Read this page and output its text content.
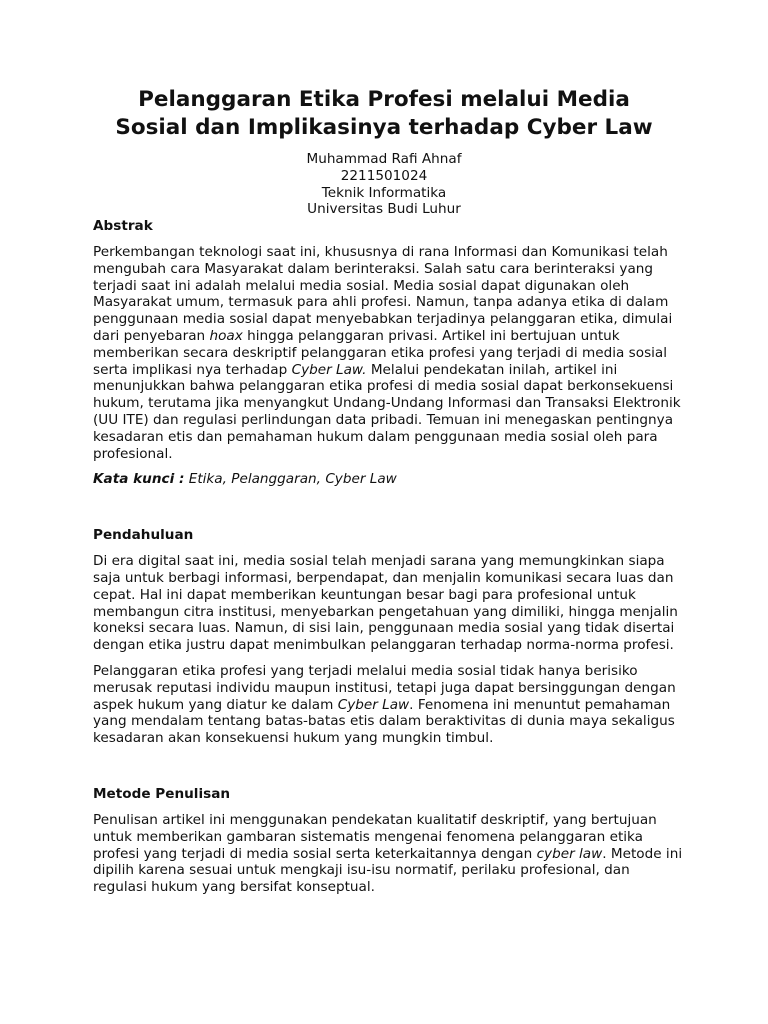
Pelanggaran Etika Profesi melalui Media
Sosial dan Implikasinya terhadap Cyber Law
Muhammad Rafi Ahnaf
2211501024
Teknik Informatika
Universitas Budi Luhur
Abstrak

Perkembangan teknologi saat ini, khususnya di rana Informasi dan Komunikasi telah mengubah cara Masyarakat dalam berinteraksi. Salah satu cara berinteraksi yang terjadi saat ini adalah melalui media sosial. Media sosial dapat digunakan oleh Masyarakat umum, termasuk para ahli profesi. Namun, tanpa adanya etika di dalam penggunaan media sosial dapat menyebabkan terjadinya pelanggaran etika, dimulai dari penyebaran hoax hingga pelanggaran privasi. Artikel ini bertujuan untuk memberikan secara deskriptif pelanggaran etika profesi yang terjadi di media sosial serta implikasi nya terhadap Cyber Law. Melalui pendekatan inilah, artikel ini menunjukkan bahwa pelanggaran etika profesi di media sosial dapat berkonsekuensi hukum, terutama jika menyangkut Undang-Undang Informasi dan Transaksi Elektronik (UU ITE) dan regulasi perlindungan data pribadi. Temuan ini menegaskan pentingnya kesadaran etis dan pemahaman hukum dalam penggunaan media sosial oleh para profesional.

Kata kunci : Etika, Pelanggaran, Cyber Law

Pendahuluan

Di era digital saat ini, media sosial telah menjadi sarana yang memungkinkan siapa saja untuk berbagi informasi, berpendapat, dan menjalin komunikasi secara luas dan cepat. Hal ini dapat memberikan keuntungan besar bagi para profesional untuk membangun citra institusi, menyebarkan pengetahuan yang dimiliki, hingga menjalin koneksi secara luas. Namun, di sisi lain, penggunaan media sosial yang tidak disertai dengan etika justru dapat menimbulkan pelanggaran terhadap norma-norma profesi.

Pelanggaran etika profesi yang terjadi melalui media sosial tidak hanya berisiko merusak reputasi individu maupun institusi, tetapi juga dapat bersinggungan dengan aspek hukum yang diatur ke dalam Cyber Law. Fenomena ini menuntut pemahaman yang mendalam tentang batas-batas etis dalam beraktivitas di dunia maya sekaligus kesadaran akan konsekuensi hukum yang mungkin timbul.

Metode Penulisan

Penulisan artikel ini menggunakan pendekatan kualitatif deskriptif, yang bertujuan untuk memberikan gambaran sistematis mengenai fenomena pelanggaran etika profesi yang terjadi di media sosial serta keterkaitannya dengan cyber law. Metode ini dipilih karena sesuai untuk mengkaji isu-isu normatif, perilaku profesional, dan regulasi hukum yang bersifat konseptual.
